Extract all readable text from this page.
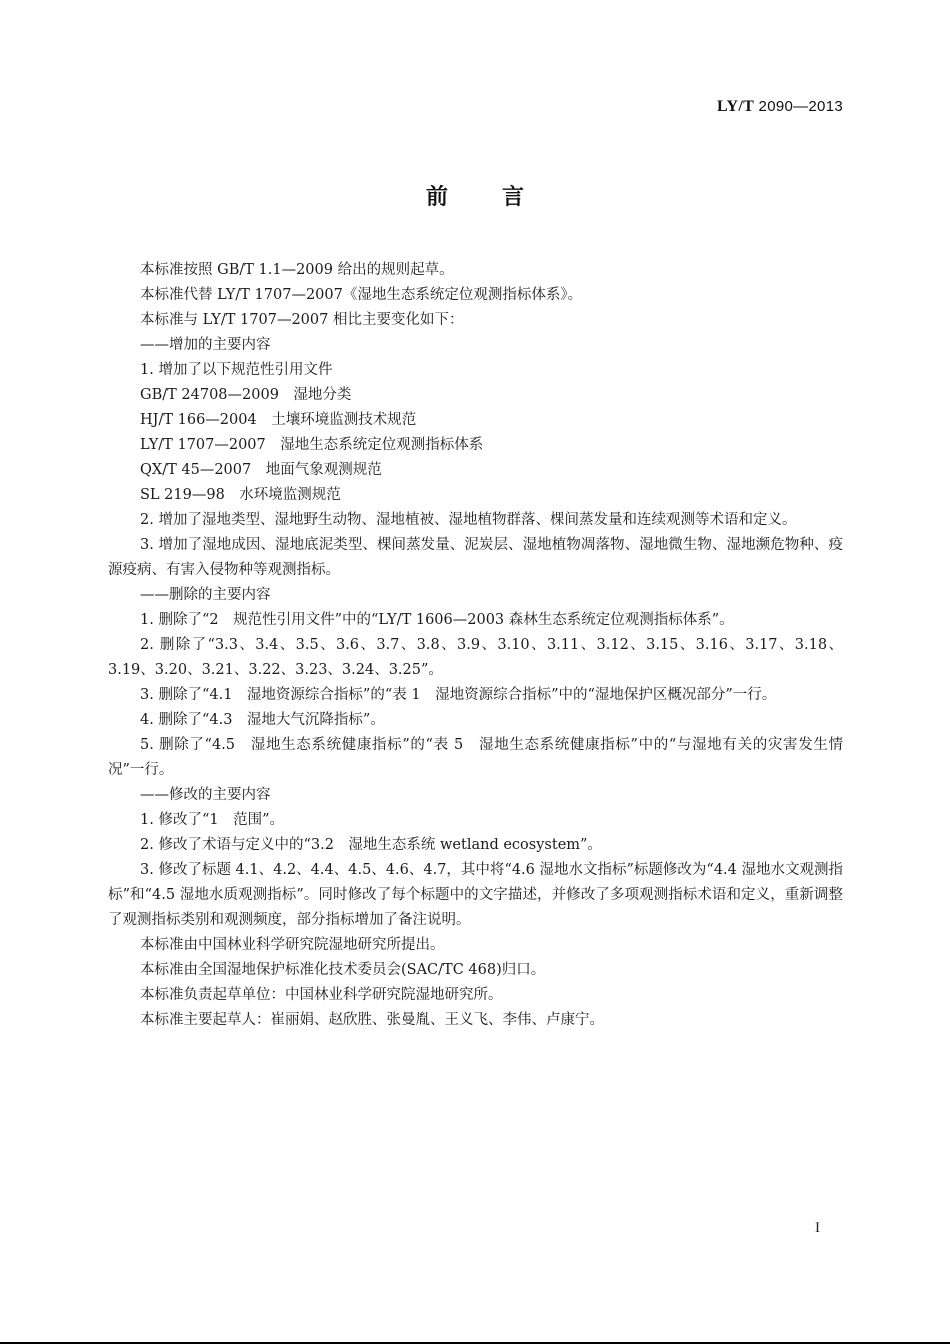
LY/T 2090—2013
前言

本标准按照 GB/T 1.1—2009 给出的规则起草。

本标准代替 LY/T 1707—2007《湿地生态系统定位观测指标体系》。

本标准与 LY/T 1707—2007 相比主要变化如下：

——增加的主要内容

1. 增加了以下规范性引用文件

GB/T 24708—2009　湿地分类

HJ/T 166—2004　土壤环境监测技术规范

LY/T 1707—2007　湿地生态系统定位观测指标体系

QX/T 45—2007　地面气象观测规范

SL 219—98　水环境监测规范

2. 增加了湿地类型、湿地野生动物、湿地植被、湿地植物群落、棵间蒸发量和连续观测等术语和定义。

3. 增加了湿地成因、湿地底泥类型、棵间蒸发量、泥炭层、湿地植物凋落物、湿地微生物、湿地濒危物种、疫源疫病、有害入侵物种等观测指标。

——删除的主要内容

1. 删除了“2　规范性引用文件”中的“LY/T 1606—2003 森林生态系统定位观测指标体系”。

2. 删除了“3.3、3.4、3.5、3.6、3.7、3.8、3.9、3.10、3.11、3.12、3.15、3.16、3.17、3.18、3.19、3.20、3.21、3.22、3.23、3.24、3.25”。

3. 删除了“4.1　湿地资源综合指标”的“表 1　湿地资源综合指标”中的“湿地保护区概况部分”一行。

4. 删除了“4.3　湿地大气沉降指标”。

5. 删除了“4.5　湿地生态系统健康指标”的“表 5　湿地生态系统健康指标”中的“与湿地有关的灾害发生情况”一行。

——修改的主要内容

1. 修改了“1　范围”。

2. 修改了术语与定义中的“3.2　湿地生态系统 wetland ecosystem”。

3. 修改了标题 4.1、4.2、4.4、4.5、4.6、4.7，其中将“4.6 湿地水文指标”标题修改为“4.4 湿地水文观测指标”和“4.5 湿地水质观测指标”。同时修改了每个标题中的文字描述，并修改了多项观测指标术语和定义，重新调整了观测指标类别和观测频度，部分指标增加了备注说明。

本标准由中国林业科学研究院湿地研究所提出。

本标准由全国湿地保护标准化技术委员会(SAC/TC 468)归口。

本标准负责起草单位：中国林业科学研究院湿地研究所。

本标准主要起草人：崔丽娟、赵欣胜、张曼胤、王义飞、李伟、卢康宁。

I
